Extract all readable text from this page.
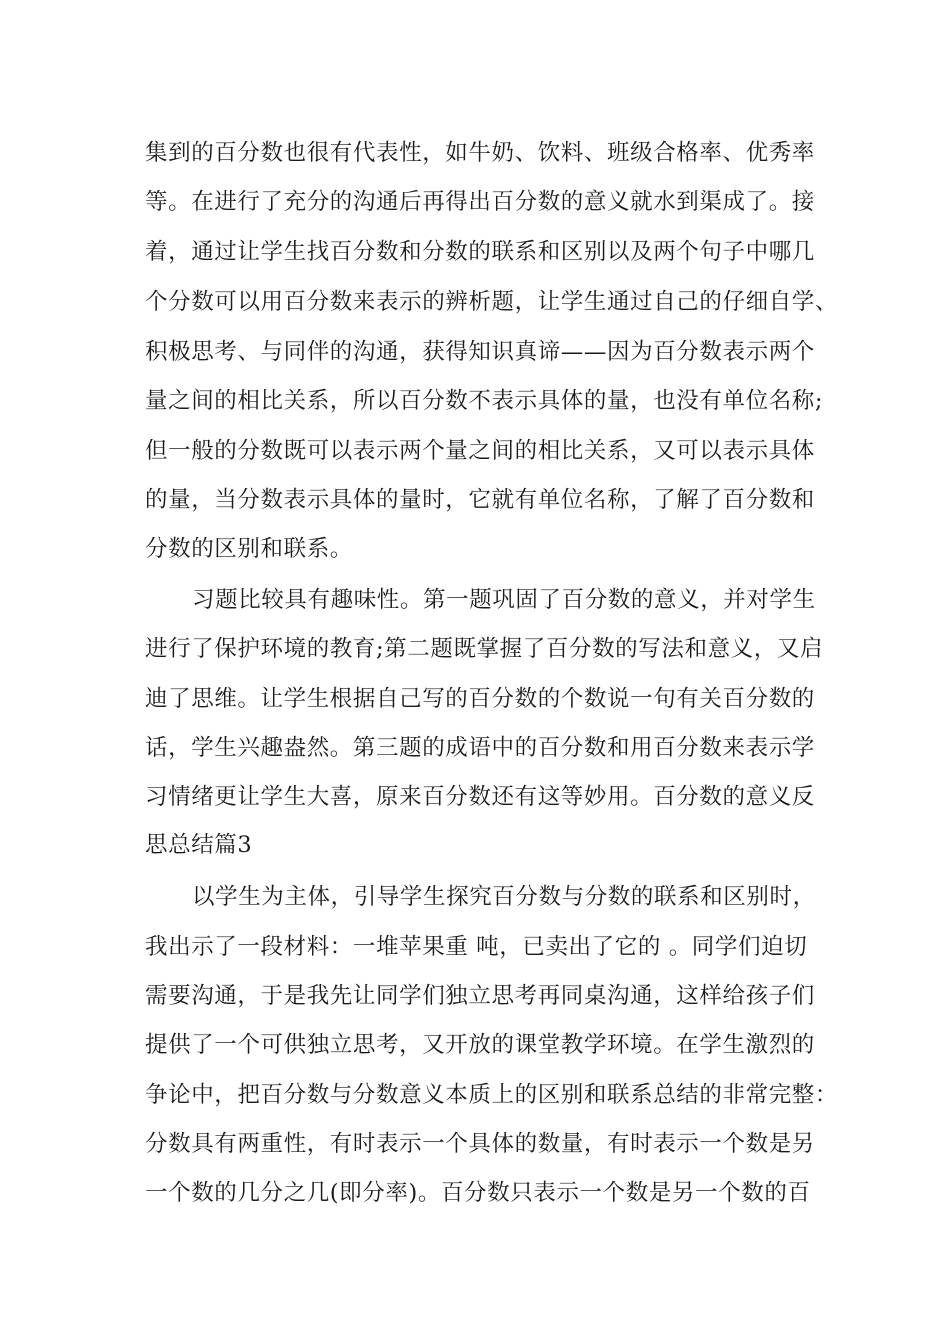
集到的百分数也很有代表性，如牛奶、饮料、班级合格率、优秀率

等。在进行了充分的沟通后再得出百分数的意义就水到渠成了。接

着，通过让学生找百分数和分数的联系和区别以及两个句子中哪几

个分数可以用百分数来表示的辨析题，让学生通过自己的仔细自学、

积极思考、与同伴的沟通，获得知识真谛——因为百分数表示两个

量之间的相比关系，所以百分数不表示具体的量，也没有单位名称;

但一般的分数既可以表示两个量之间的相比关系，又可以表示具体

的量，当分数表示具体的量时，它就有单位名称，了解了百分数和

分数的区别和联系。

习题比较具有趣味性。第一题巩固了百分数的意义，并对学生

进行了保护环境的教育;第二题既掌握了百分数的写法和意义，又启

迪了思维。让学生根据自己写的百分数的个数说一句有关百分数的

话，学生兴趣盎然。第三题的成语中的百分数和用百分数来表示学

习情绪更让学生大喜，原来百分数还有这等妙用。百分数的意义反

思总结篇3

以学生为主体，引导学生探究百分数与分数的联系和区别时，

我出示了一段材料：一堆苹果重 吨，已卖出了它的 。同学们迫切

需要沟通，于是我先让同学们独立思考再同桌沟通，这样给孩子们

提供了一个可供独立思考，又开放的课堂教学环境。在学生激烈的

争论中，把百分数与分数意义本质上的区别和联系总结的非常完整：

分数具有两重性，有时表示一个具体的数量，有时表示一个数是另

一个数的几分之几(即分率)。百分数只表示一个数是另一个数的百
